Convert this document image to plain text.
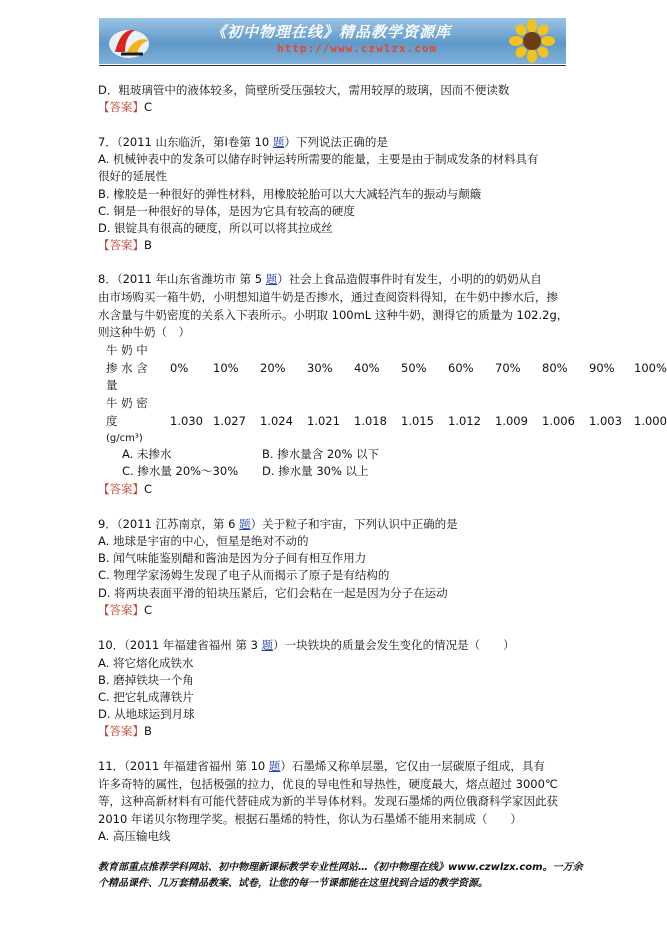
《初中物理在线》精品教学资源库
http://www.czwlzx.com
D．粗玻璃管中的液体较多，筒壁所受压强较大，需用较厚的玻璃，因而不便读数
【答案】C
7．（2011 山东临沂，第Ⅰ卷第 10 题）下列说法正确的是
A. 机械钟表中的发条可以储存时钟运转所需要的能量，主要是由于制成发条的材料具有
很好的延展性
B. 橡胶是一种很好的弹性材料，用橡胶轮胎可以大大减轻汽车的振动与颠簸
C. 铜是一种很好的导体，是因为它具有较高的硬度
D. 银锭具有很高的硬度，所以可以将其拉成丝
【答案】B
8．（2011 年山东省潍坊市 第 5 题）社会上食品造假事件时有发生，小明的的奶奶从自
由市场购买一箱牛奶，小明想知道牛奶是否掺水，通过查阅资料得知，在牛奶中掺水后，掺
水含量与牛奶密度的关系入下表所示。小明取 100mL 这种牛奶，测得它的质量为 102.2g，
则这种牛奶（　）
牛 奶 中
掺 水 含
量
0% 10% 20% 30% 40% 50% 60% 70% 80% 90% 100%
牛 奶 密
度
(g/cm³)
1.030 1.027 1.024 1.021 1.018 1.015 1.012 1.009 1.006 1.003 1.000
A. 未掺水	B. 掺水量含 20% 以下
C. 掺水量 20%～30% D. 掺水量 30% 以上
【答案】C
9．（2011 江苏南京，第 6 题）关于粒子和宇宙，下列认识中正确的是
A. 地球是宇宙的中心，恒星是绝对不动的
B. 闻气味能鉴别醋和酱油是因为分子间有相互作用力
C. 物理学家汤姆生发现了电子从而揭示了原子是有结构的
D. 将两块表面平滑的铅块压紧后，它们会粘在一起是因为分子在运动
【答案】C
10．（2011 年福建省福州 第 3 题）一块铁块的质量会发生变化的情况是（　　）
A. 将它熔化成铁水
B. 磨掉铁块一个角
C. 把它轧成薄铁片
D. 从地球运到月球
【答案】B
11．（2011 年福建省福州 第 10 题）石墨烯又称单层墨，它仅由一层碳原子组成，具有
许多奇特的属性，包括极强的拉力，优良的导电性和导热性，硬度最大，熔点超过 3000℃
等，这种高新材料有可能代替硅成为新的半导体材料。发现石墨烯的两位俄裔科学家因此获
2010 年诺贝尔物理学奖。根据石墨烯的特性，你认为石墨烯不能用来制成（　　）
A. 高压输电线
教育部重点推荐学科网站、初中物理新课标教学专业性网站…《初中物理在线》www.czwlzx.com。一万余
个精品课件、几万套精品教案、试卷，让您的每一节课都能在这里找到合适的教学资源。
